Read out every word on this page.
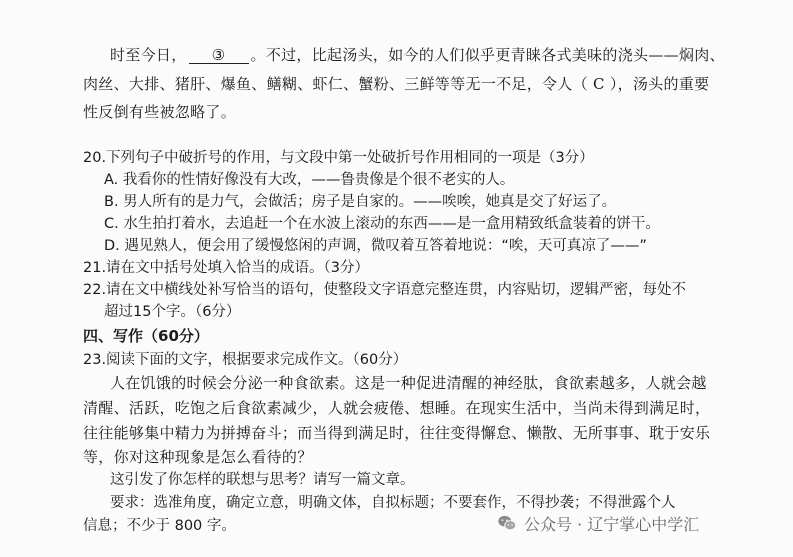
时至今日， ③ 。不过，比起汤头，如今的人们似乎更青睐各式美味的浇头——焖肉、
肉丝、大排、猪肝、爆鱼、鳝糊、虾仁、蟹粉、三鲜等等无一不足，令人（ C ），汤头的重要
性反倒有些被忽略了。
20.下列句子中破折号的作用，与文段中第一处破折号作用相同的一项是（3分）
A. 我看你的性情好像没有大改，——鲁贵像是个很不老实的人。
B. 男人所有的是力气，会做活；房子是自家的。——唉唉，她真是交了好运了。
C. 水生拍打着水，去追赶一个在水波上滚动的东西——是一盒用精致纸盒装着的饼干。
D. 遇见熟人，便会用了缓慢悠闲的声调，微叹着互答着地说：“唉，天可真凉了——”
21.请在文中括号处填入恰当的成语。（3分）
22.请在文中横线处补写恰当的语句，使整段文字语意完整连贯，内容贴切，逻辑严密，每处不
超过15个字。（6分）
四、写作（60分）
23.阅读下面的文字，根据要求完成作文。（60分）
人在饥饿的时候会分泌一种食欲素。这是一种促进清醒的神经肽，食欲素越多，人就会越
清醒、活跃，吃饱之后食欲素减少，人就会疲倦、想睡。在现实生活中，当尚未得到满足时，
往往能够集中精力为拼搏奋斗；而当得到满足时，往往变得懈怠、懒散、无所事事、耽于安乐
等，你对这种现象是怎么看待的？
这引发了你怎样的联想与思考？请写一篇文章。
要求：选准角度，确定立意，明确文体，自拟标题；不要套作，不得抄袭；不得泄露个人
信息；不少于 800 字。	公众号 · 辽宁掌心中学汇
